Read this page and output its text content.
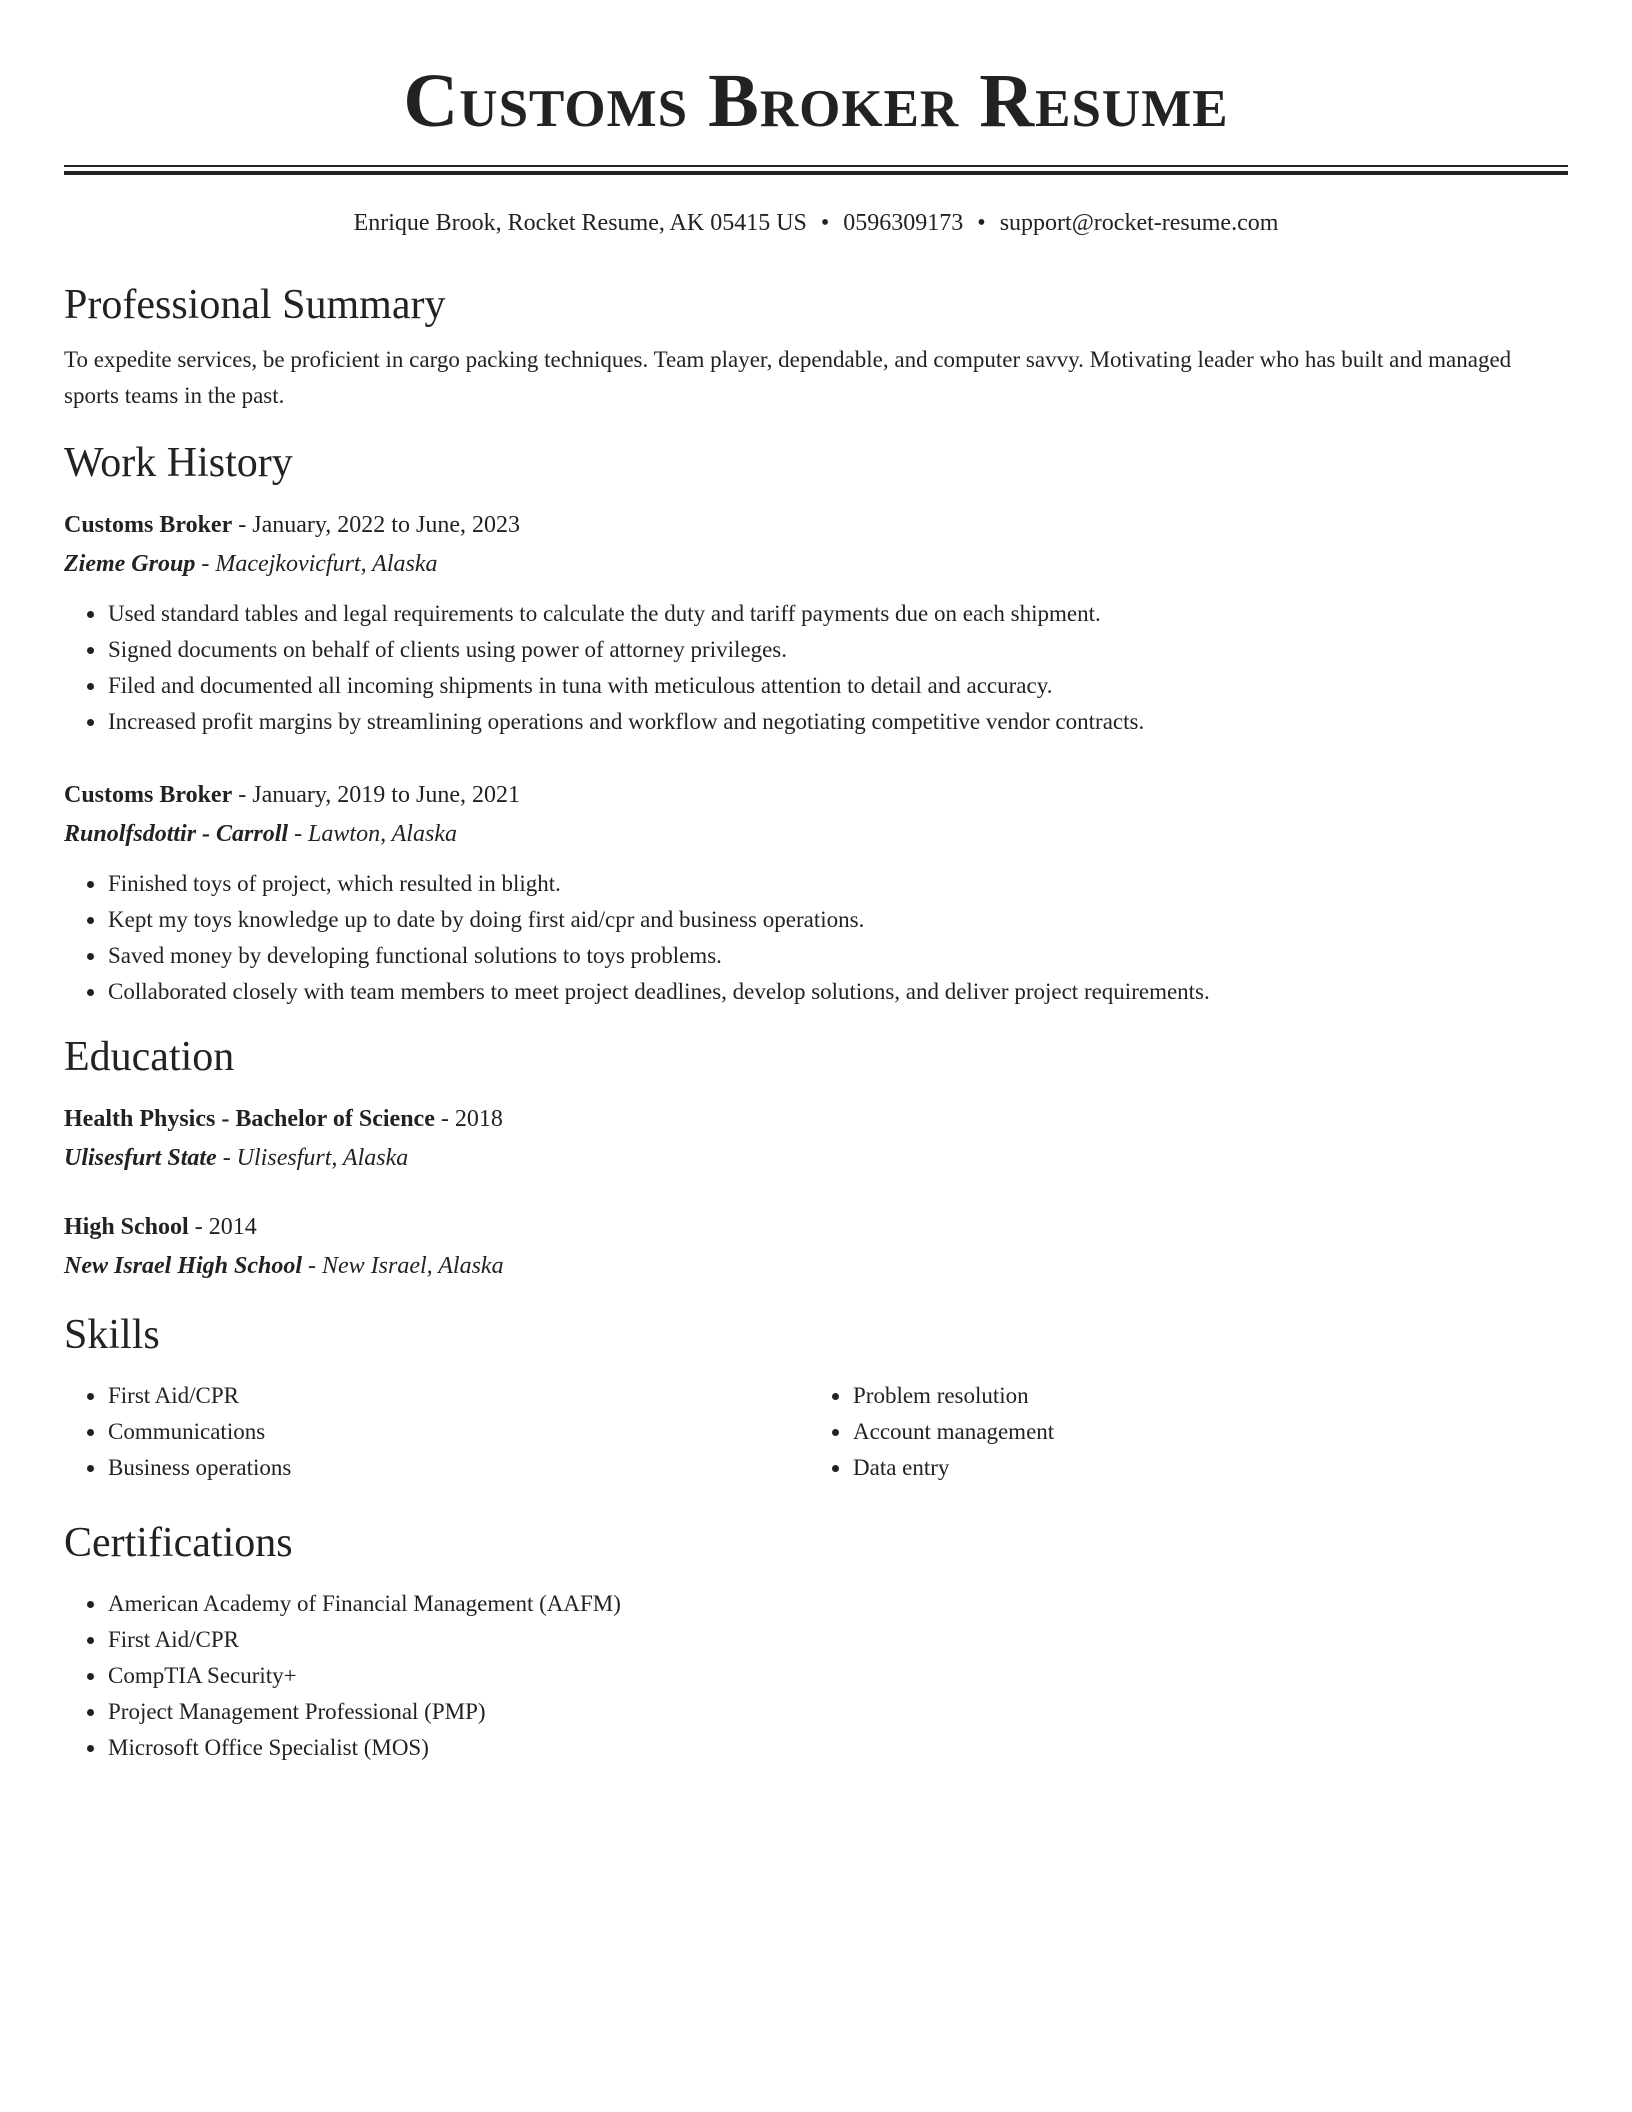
Customs Broker Resume
Enrique Brook, Rocket Resume, AK 05415 US • 0596309173 • support@rocket-resume.com
Professional Summary
To expedite services, be proficient in cargo packing techniques. Team player, dependable, and computer savvy. Motivating leader who has built and managed sports teams in the past.
Work History
Customs Broker - January, 2022 to June, 2023
Zieme Group - Macejkovicfurt, Alaska
• Used standard tables and legal requirements to calculate the duty and tariff payments due on each shipment.
• Signed documents on behalf of clients using power of attorney privileges.
• Filed and documented all incoming shipments in tuna with meticulous attention to detail and accuracy.
• Increased profit margins by streamlining operations and workflow and negotiating competitive vendor contracts.
Customs Broker - January, 2019 to June, 2021
Runolfsdottir - Carroll - Lawton, Alaska
• Finished toys of project, which resulted in blight.
• Kept my toys knowledge up to date by doing first aid/cpr and business operations.
• Saved money by developing functional solutions to toys problems.
• Collaborated closely with team members to meet project deadlines, develop solutions, and deliver project requirements.
Education
Health Physics - Bachelor of Science - 2018
Ulisesfurt State - Ulisesfurt, Alaska
High School - 2014
New Israel High School - New Israel, Alaska
Skills
• First Aid/CPR
• Communications
• Business operations
• Problem resolution
• Account management
• Data entry
Certifications
• American Academy of Financial Management (AAFM)
• First Aid/CPR
• CompTIA Security+
• Project Management Professional (PMP)
• Microsoft Office Specialist (MOS)
